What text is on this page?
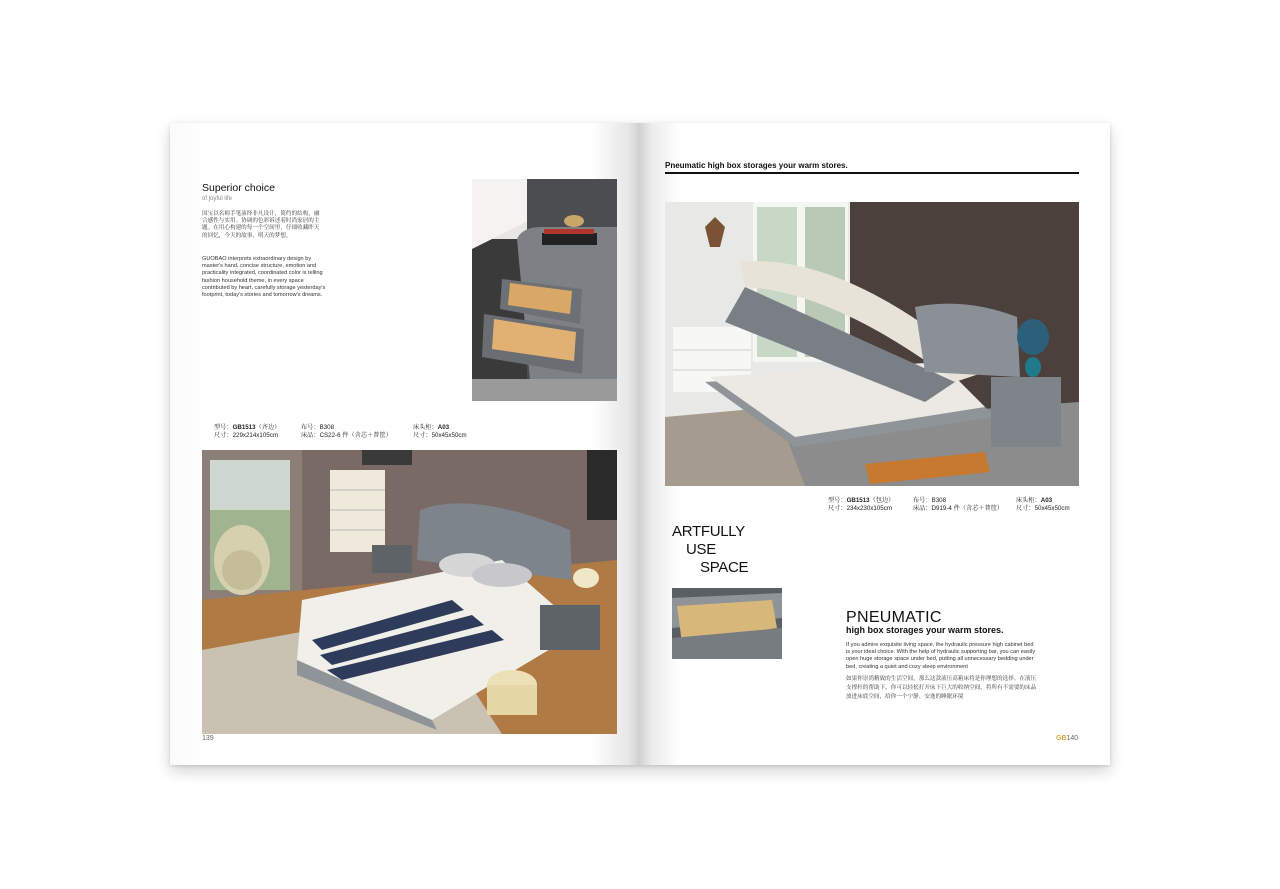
Superior choice
of joyful life
国宝以名师手笔演绎非凡设计，简约的结构，融合感性与实用。协调的色彩诉述着时尚家居的主题。在用心构建的每一个空间里，仔细收藏昨天的回忆，今天的故事，明天的梦想。
GUOBAO interprets extraordinary design by master's hand, concise structure, emotion and practicality integrated, coordinated color is telling fashion household theme, in every space contributed by heart, carefully storage yesterday's footprint, today's stories and tomorrow's dreams.
型号：GB1513（齐边）
尺寸：229x214x105cm
布号：B308
床品：CS22-6 件（含芯＋普筐）
床头柜：A03
尺寸：50x45x50cm
139
Pneumatic high box storages your warm stores.
型号：GB1513（包边）
尺寸：234x230x105cm
布号：B308
床品：D919-4 件（含芯＋普筐）
床头柜：A03
尺寸：50x45x50cm
ARTFULLY
USE
SPACE
PNEUMATIC
high box storages your warm stores.
If you admire exquisite living space, the hydraulic pressure high cabinet bed is your ideal choice. With the help of hydraulic supporting bar, you can easily open huge storage space under bed, putting all unnecessary bedding under bed, creating a quiet and cozy sleep environment
如果你崇尚精致的生活空间，那么这款液压高箱床将是你理想的选择。在液压支撑杆的帮助下，你可以轻松打开床下巨大的收纳空间，将所有不需要的床品放进床底空间，给你一个宁静、安逸的睡眠环境
GB140
